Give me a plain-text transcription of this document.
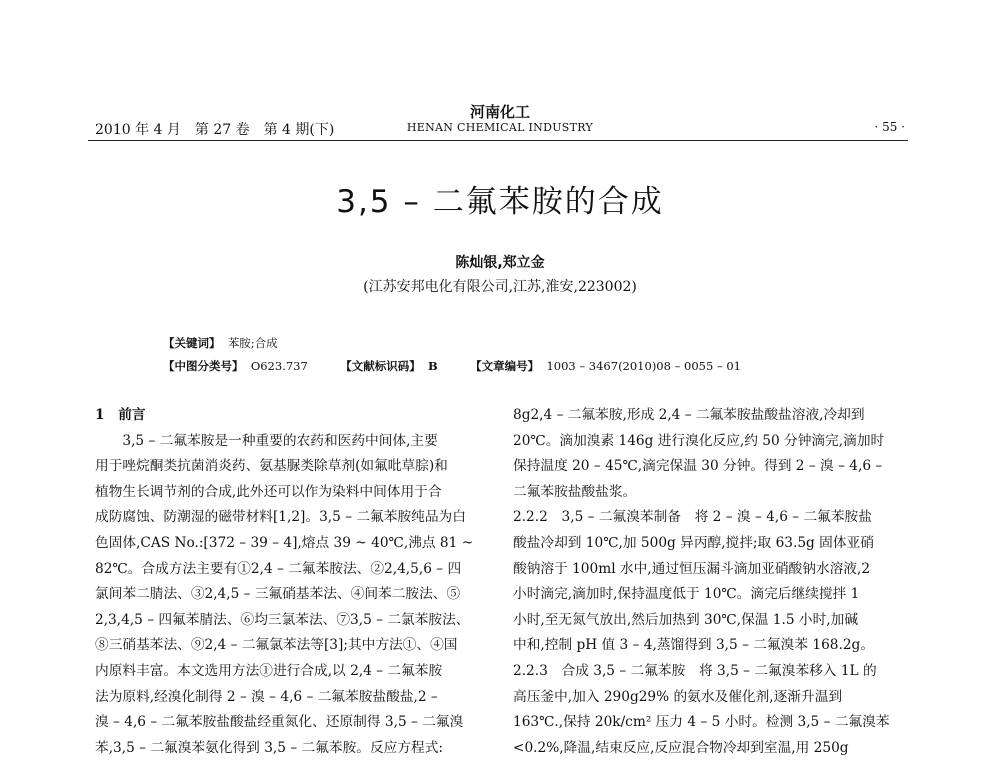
河南化工
2010 年 4 月　第 27 卷　第 4 期(下)	HENAN CHEMICAL INDUSTRY	· 55 ·
3,5 – 二氟苯胺的合成
陈灿银,郑立金
(江苏安邦电化有限公司,江苏,淮安,223002)
【关键词】 苯胺;合成
【中图分类号】 O623.737   	【文献标识码】 B   	【文章编号】 1003 – 3467(2010)08 – 0055 – 01
1　前言
　　3,5 – 二氟苯胺是一种重要的农药和医药中间体,主要
用于唑烷酮类抗菌消炎药、氨基脲类除草剂(如氟吡草腙)和
植物生长调节剂的合成,此外还可以作为染料中间体用于合
成防腐蚀、防潮湿的磁带材料[1,2]。3,5 – 二氟苯胺纯品为白
色固体,CAS No.:[372 – 39 – 4],熔点 39 ~ 40℃,沸点 81 ~
82℃。合成方法主要有①2,4 – 二氟苯胺法、②2,4,5,6 – 四
氯间苯二腈法、③2,4,5 – 三氟硝基苯法、④间苯二胺法、⑤
2,3,4,5 – 四氟苯腈法、⑥均三氯苯法、⑦3,5 – 二氯苯胺法、
⑧三硝基苯法、⑨2,4 – 二氟氯苯法等[3];其中方法①、④国
内原料丰富。本文选用方法①进行合成,以 2,4 – 二氟苯胺
法为原料,经溴化制得 2 – 溴 – 4,6 – 二氟苯胺盐酸盐,2 –
溴 – 4,6 – 二氟苯胺盐酸盐经重氮化、还原制得 3,5 – 二氟溴
苯,3,5 – 二氟溴苯氨化得到 3,5 – 二氟苯胺。反应方程式:
8g2,4 – 二氟苯胺,形成 2,4 – 二氟苯胺盐酸盐溶液,冷却到
20℃。滴加溴素 146g 进行溴化反应,约 50 分钟滴完,滴加时
保持温度 20 – 45℃,滴完保温 30 分钟。得到 2 – 溴 – 4,6 –
二氟苯胺盐酸盐浆。
2.2.2　3,5 – 二氟溴苯制备　将 2 – 溴 – 4,6 – 二氟苯胺盐
酸盐冷却到 10℃,加 500g 异丙醇,搅拌;取 63.5g 固体亚硝
酸钠溶于 100ml 水中,通过恒压漏斗滴加亚硝酸钠水溶液,2
小时滴完,滴加时,保持温度低于 10℃。滴完后继续搅拌 1
小时,至无氮气放出,然后加热到 30℃,保温 1.5 小时,加碱
中和,控制 pH 值 3 – 4,蒸馏得到 3,5 – 二氟溴苯 168.2g。
2.2.3　合成 3,5 – 二氟苯胺　将 3,5 – 二氟溴苯移入 1L 的
高压釜中,加入 290g29% 的氨水及催化剂,逐渐升温到
163℃.,保持 20k/cm² 压力 4 – 5 小时。检测 3,5 – 二氟溴苯
<0.2%,降温,结束反应,反应混合物冷却到室温,用 250g
